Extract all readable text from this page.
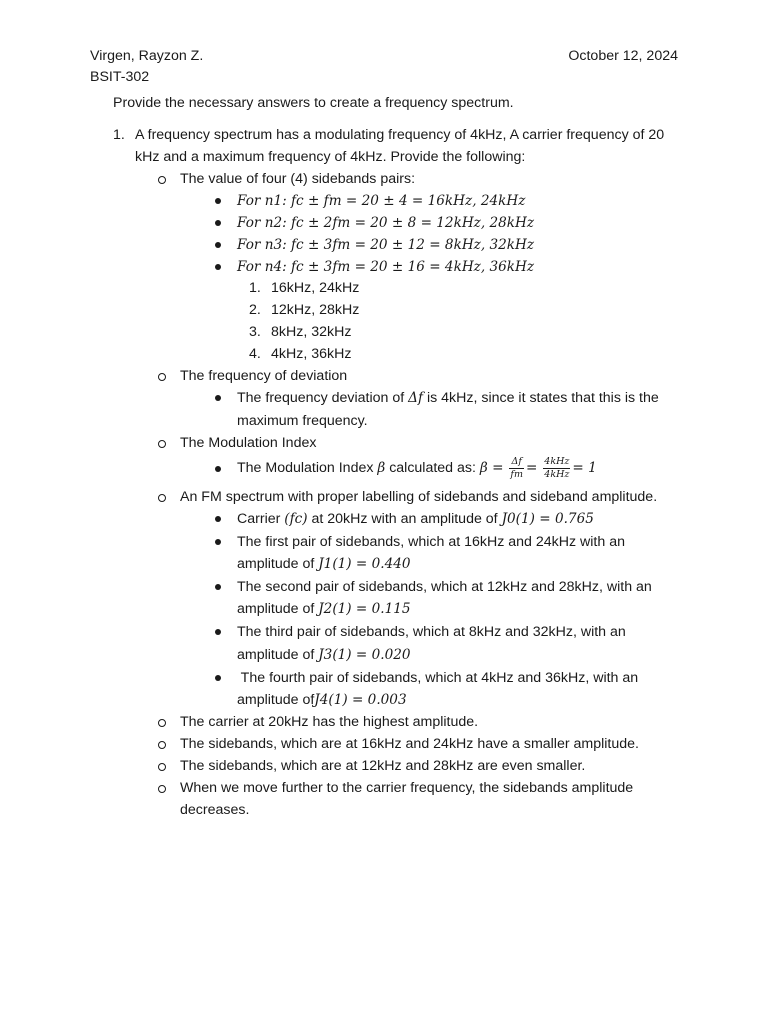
Virgen, Rayzon Z.	October 12, 2024
BSIT-302
Provide the necessary answers to create a frequency spectrum.
1. A frequency spectrum has a modulating frequency of 4kHz, A carrier frequency of 20
kHz and a maximum frequency of 4kHz. Provide the following:
The value of four (4) sidebands pairs:
For n1: fc ± fm = 20 ± 4 = 16kHz, 24kHz
For n2: fc ± 2fm = 20 ± 8 = 12kHz, 28kHz
For n3: fc ± 3fm = 20 ± 12 = 8kHz, 32kHz
For n4: fc ± 3fm = 20 ± 16 = 4kHz, 36kHz
1. 16kHz, 24kHz
2. 12kHz, 28kHz
3. 8kHz, 32kHz
4. 4kHz, 36kHz
The frequency of deviation
The frequency deviation of Δf is 4kHz, since it states that this is the
maximum frequency.
The Modulation Index
The Modulation Index β calculated as: $\beta = \frac{\Delta f}{fm} = \frac{\text{4kHz}}{\text{4kHz}} = 1$
An FM spectrum with proper labelling of sidebands and sideband amplitude.
Carrier (fc) at 20kHz with an amplitude of J0(1) = 0.765
The first pair of sidebands, which at 16kHz and 24kHz with an
amplitude of J1(1) = 0.440
The second pair of sidebands, which at 12kHz and 28kHz, with an
amplitude of J2(1) = 0.115
The third pair of sidebands, which at 8kHz and 32kHz, with an
amplitude of J3(1) = 0.020
The fourth pair of sidebands, which at 4kHz and 36kHz, with an
amplitude ofJ4(1) = 0.003
The carrier at 20kHz has the highest amplitude.
The sidebands, which are at 16kHz and 24kHz have a smaller amplitude.
The sidebands, which are at 12kHz and 28kHz are even smaller.
When we move further to the carrier frequency, the sidebands amplitude
decreases.
